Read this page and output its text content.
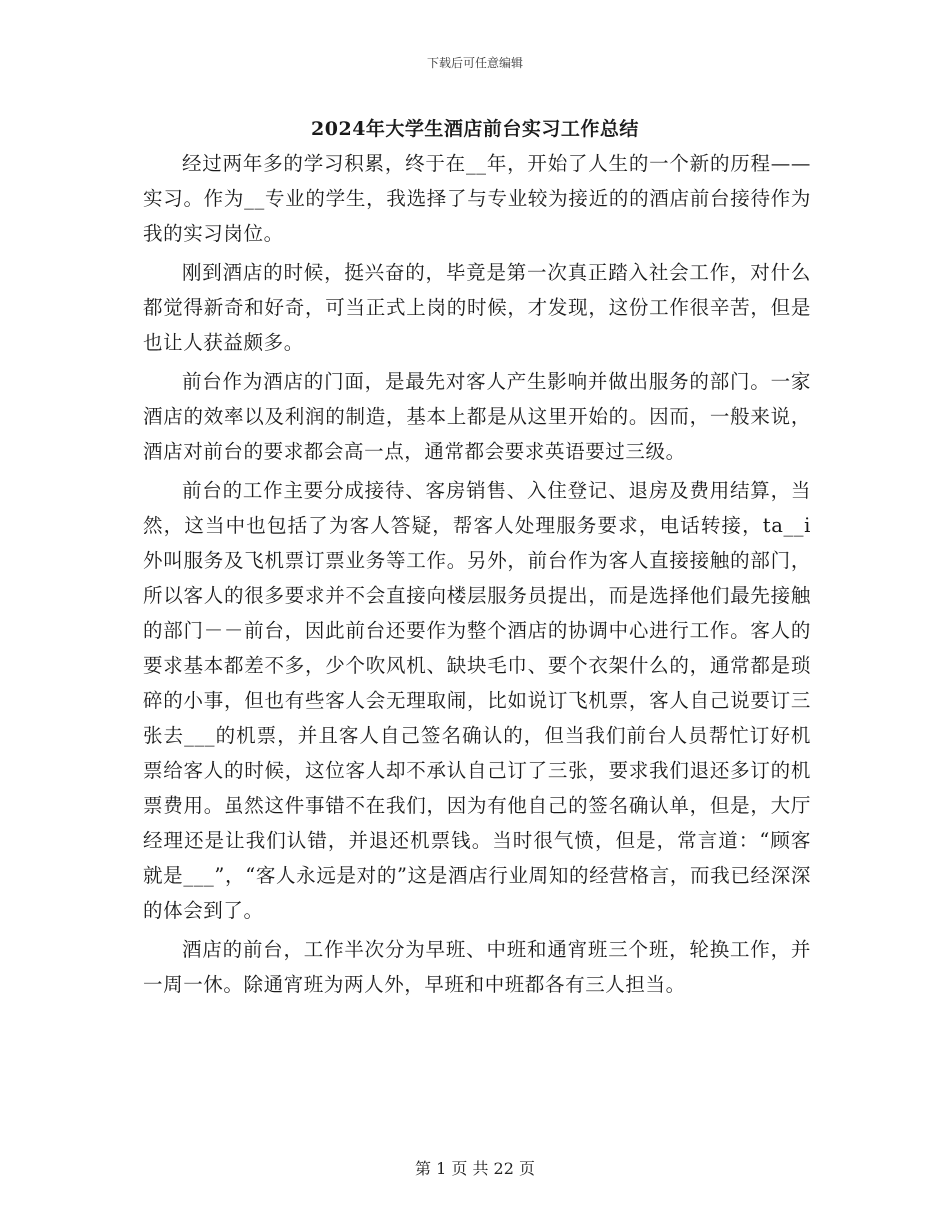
下载后可任意编辑
2024年大学生酒店前台实习工作总结

经过两年多的学习积累，终于在__年，开始了人生的一个新的历程——实习。作为__专业的学生，我选择了与专业较为接近的的酒店前台接待作为我的实习岗位。

刚到酒店的时候，挺兴奋的，毕竟是第一次真正踏入社会工作，对什么都觉得新奇和好奇，可当正式上岗的时候，才发现，这份工作很辛苦，但是也让人获益颇多。

前台作为酒店的门面，是最先对客人产生影响并做出服务的部门。一家酒店的效率以及利润的制造，基本上都是从这里开始的。因而，一般来说，酒店对前台的要求都会高一点，通常都会要求英语要过三级。

前台的工作主要分成接待、客房销售、入住登记、退房及费用结算，当然，这当中也包括了为客人答疑，帮客人处理服务要求，电话转接，ta__i外叫服务及飞机票订票业务等工作。另外，前台作为客人直接接触的部门，所以客人的很多要求并不会直接向楼层服务员提出，而是选择他们最先接触的部门－－前台，因此前台还要作为整个酒店的协调中心进行工作。客人的要求基本都差不多，少个吹风机、缺块毛巾、要个衣架什么的，通常都是琐碎的小事，但也有些客人会无理取闹，比如说订飞机票，客人自己说要订三张去___的机票，并且客人自己签名确认的，但当我们前台人员帮忙订好机票给客人的时候，这位客人却不承认自己订了三张，要求我们退还多订的机票费用。虽然这件事错不在我们，因为有他自己的签名确认单，但是，大厅经理还是让我们认错，并退还机票钱。当时很气愤，但是，常言道：“顾客就是___”，“客人永远是对的”这是酒店行业周知的经营格言，而我已经深深的体会到了。

酒店的前台，工作半次分为早班、中班和通宵班三个班，轮换工作，并一周一休。除通宵班为两人外，早班和中班都各有三人担当。

第 1 页 共 22 页
